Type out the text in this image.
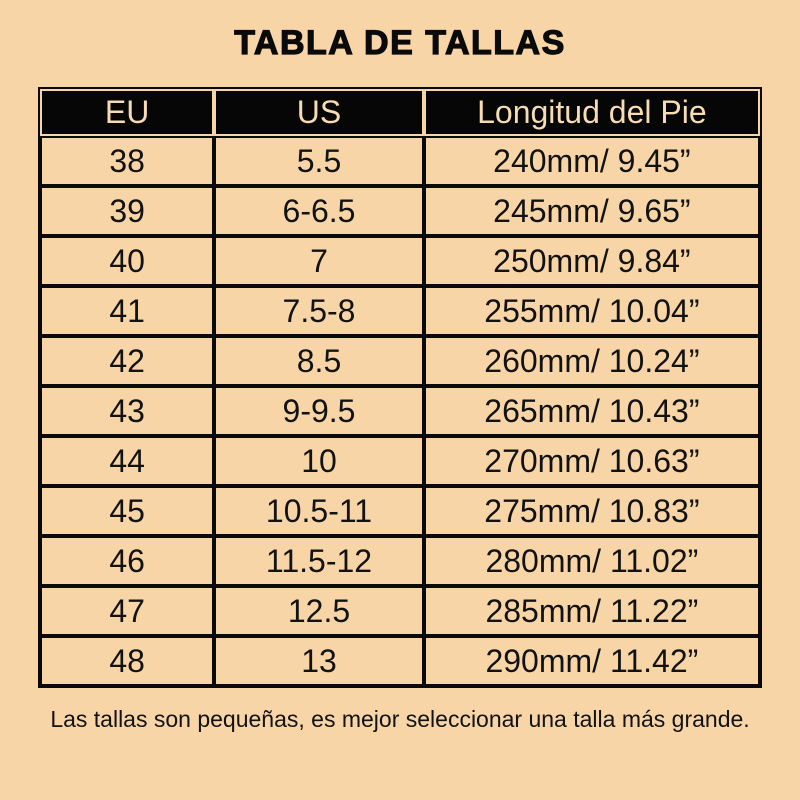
TABLA DE TALLAS
EU	US	Longitud del Pie
38	5.5	240mm/ 9.45”
39	6-6.5	245mm/ 9.65”
40	7	250mm/ 9.84”
41	7.5-8	255mm/ 10.04”
42	8.5	260mm/ 10.24”
43	9-9.5	265mm/ 10.43”
44	10	270mm/ 10.63”
45	10.5-11	275mm/ 10.83”
46	11.5-12	280mm/ 11.02”
47	12.5	285mm/ 11.22”
48	13	290mm/ 11.42”

Las tallas son pequeñas, es mejor seleccionar una talla más grande.
